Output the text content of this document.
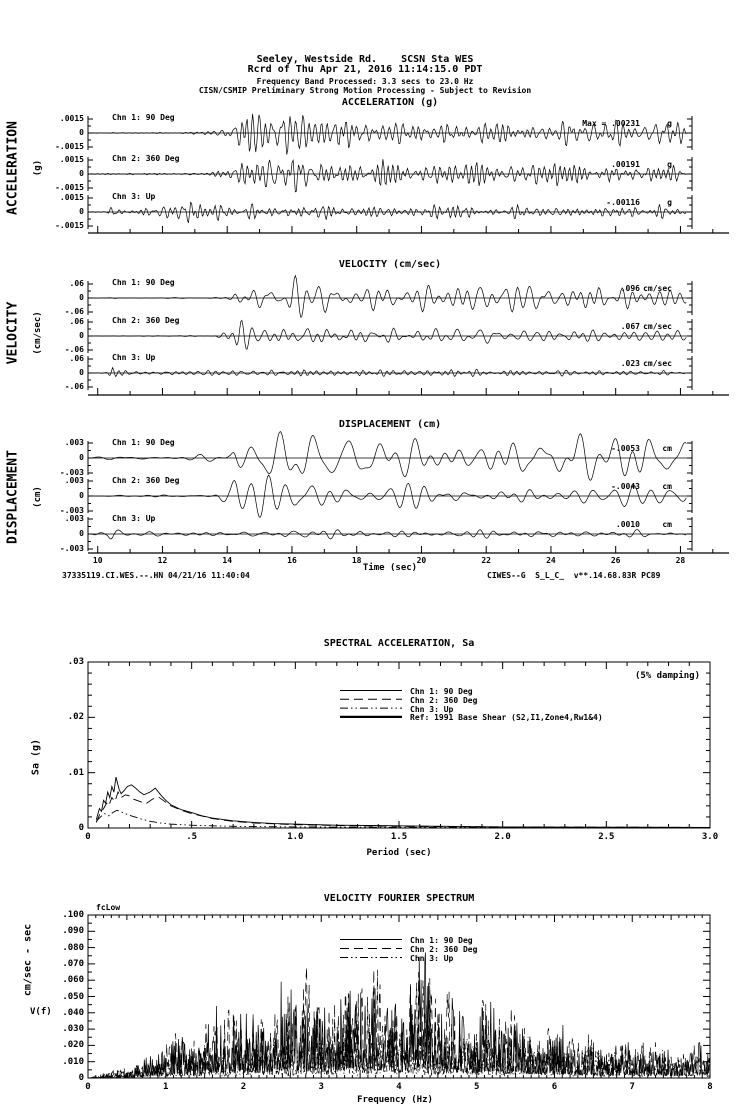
Seeley, Westside Rd.    SCSN Sta WES
Rcrd of Thu Apr 21, 2016 11:14:15.0 PDT
Frequency Band Processed: 3.3 secs to 23.0 Hz
CISN/CSMIP Preliminary Strong Motion Processing - Subject to Revision
ACCELERATION (g)
VELOCITY (cm/sec)
DISPLACEMENT (cm)
ACCELERATION (g)
VELOCITY (cm/sec)
DISPLACEMENT (cm)
Time (sec)
37335119.CI.WES.--.HN 04/21/16 11:40:04	CIWES--G  S_L_C_  v**.14.68.83R PC89
SPECTRAL ACCELERATION, Sa
(5% damping)
Sa (g)
Period (sec)
VELOCITY FOURIER SPECTRUM
fcLow
cm/sec - sec
V(f)
Frequency (Hz)
.0015
0
-.0015
Chn 1: 90 Deg
Max = .00231	g
.0015
0
-.0015
Chn 2: 360 Deg
.00191	g
.0015
0
-.0015
Chn 3: Up
-.00116	g
.06
0
-.06
Chn 1: 90 Deg
.096 cm/sec
.06
0
-.06
Chn 2: 360 Deg
.067 cm/sec
.06
0
-.06
Chn 3: Up
.023 cm/sec
.003
0
-.003
Chn 1: 90 Deg
-.0053	cm
.003
0
-.003
Chn 2: 360 Deg
-.0043	cm
.003
0
-.003
Chn 3: Up
.0010	cm
10	12	14	16	18	20	22	24	26	28
0
.01
.02
.03
0	.5	1.0	1.5	2.0	2.5	3.0
Chn 1: 90 Deg
Chn 2: 360 Deg
Chn 3: Up
Ref: 1991 Base Shear (S2,I1,Zone4,Rw1&4)
0
.010
.020
.030
.040
.050
.060
.070
.080
.090
.100
0	1	2	3	4	5	6	7	8
Chn 1: 90 Deg
Chn 2: 360 Deg
Chn 3: Up
